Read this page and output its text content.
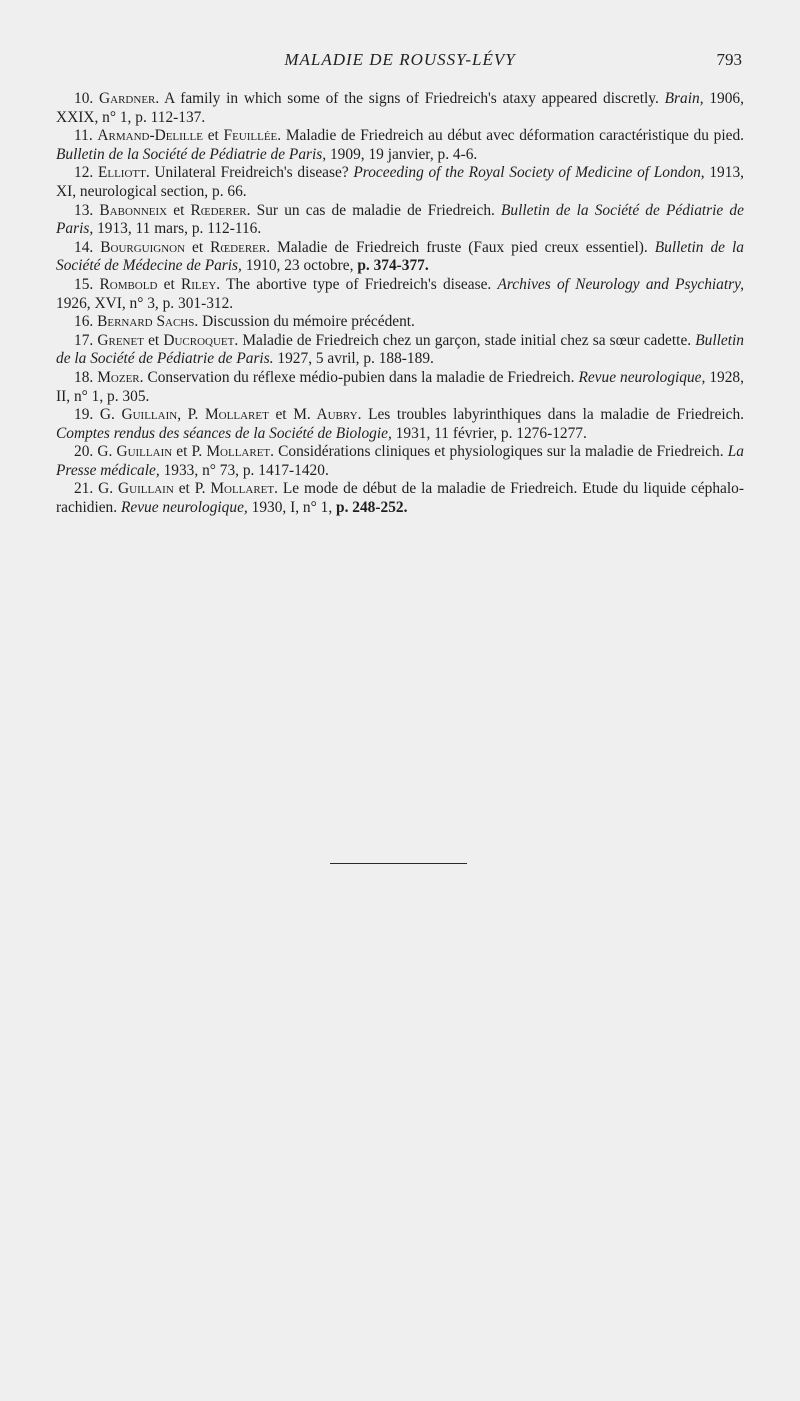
MALADIE DE ROUSSY-LÉVY	793

10. Gardner. A family in which some of the signs of Friedreich's ataxy appeared discretly. Brain, 1906, XXIX, n° 1, p. 112-137.

11. Armand-Delille et Feuillée. Maladie de Friedreich au début avec déformation caractéristique du pied. Bulletin de la Société de Pédiatrie de Paris, 1909, 19 janvier, p. 4-6.

12. Elliott. Unilateral Freidreich's disease? Proceeding of the Royal Society of Medicine of London, 1913, XI, neurological section, p. 66.

13. Babonneix et Rœderer. Sur un cas de maladie de Friedreich. Bulletin de la Société de Pédiatrie de Paris, 1913, 11 mars, p. 112-116.

14. Bourguignon et Rœderer. Maladie de Friedreich fruste (Faux pied creux essentiel). Bulletin de la Société de Médecine de Paris, 1910, 23 octobre, p. 374-377.

15. Rombold et Riley. The abortive type of Friedreich's disease. Archives of Neurology and Psychiatry, 1926, XVI, n° 3, p. 301-312.

16. Bernard Sachs. Discussion du mémoire précédent.

17. Grenet et Ducroquet. Maladie de Friedreich chez un garçon, stade initial chez sa sœur cadette. Bulletin de la Société de Pédiatrie de Paris. 1927, 5 avril, p. 188-189.

18. Mozer. Conservation du réflexe médio-pubien dans la maladie de Friedreich. Revue neurologique, 1928, II, n° 1, p. 305.

19. G. Guillain, P. Mollaret et M. Aubry. Les troubles labyrinthiques dans la maladie de Friedreich. Comptes rendus des séances de la Société de Biologie, 1931, 11 février, p. 1276-1277.

20. G. Guillain et P. Mollaret. Considérations cliniques et physiologiques sur la maladie de Friedreich. La Presse médicale, 1933, n° 73, p. 1417-1420.

21. G. Guillain et P. Mollaret. Le mode de début de la maladie de Friedreich. Etude du liquide céphalo-rachidien. Revue neurologique, 1930, I, n° 1, p. 248-252.
